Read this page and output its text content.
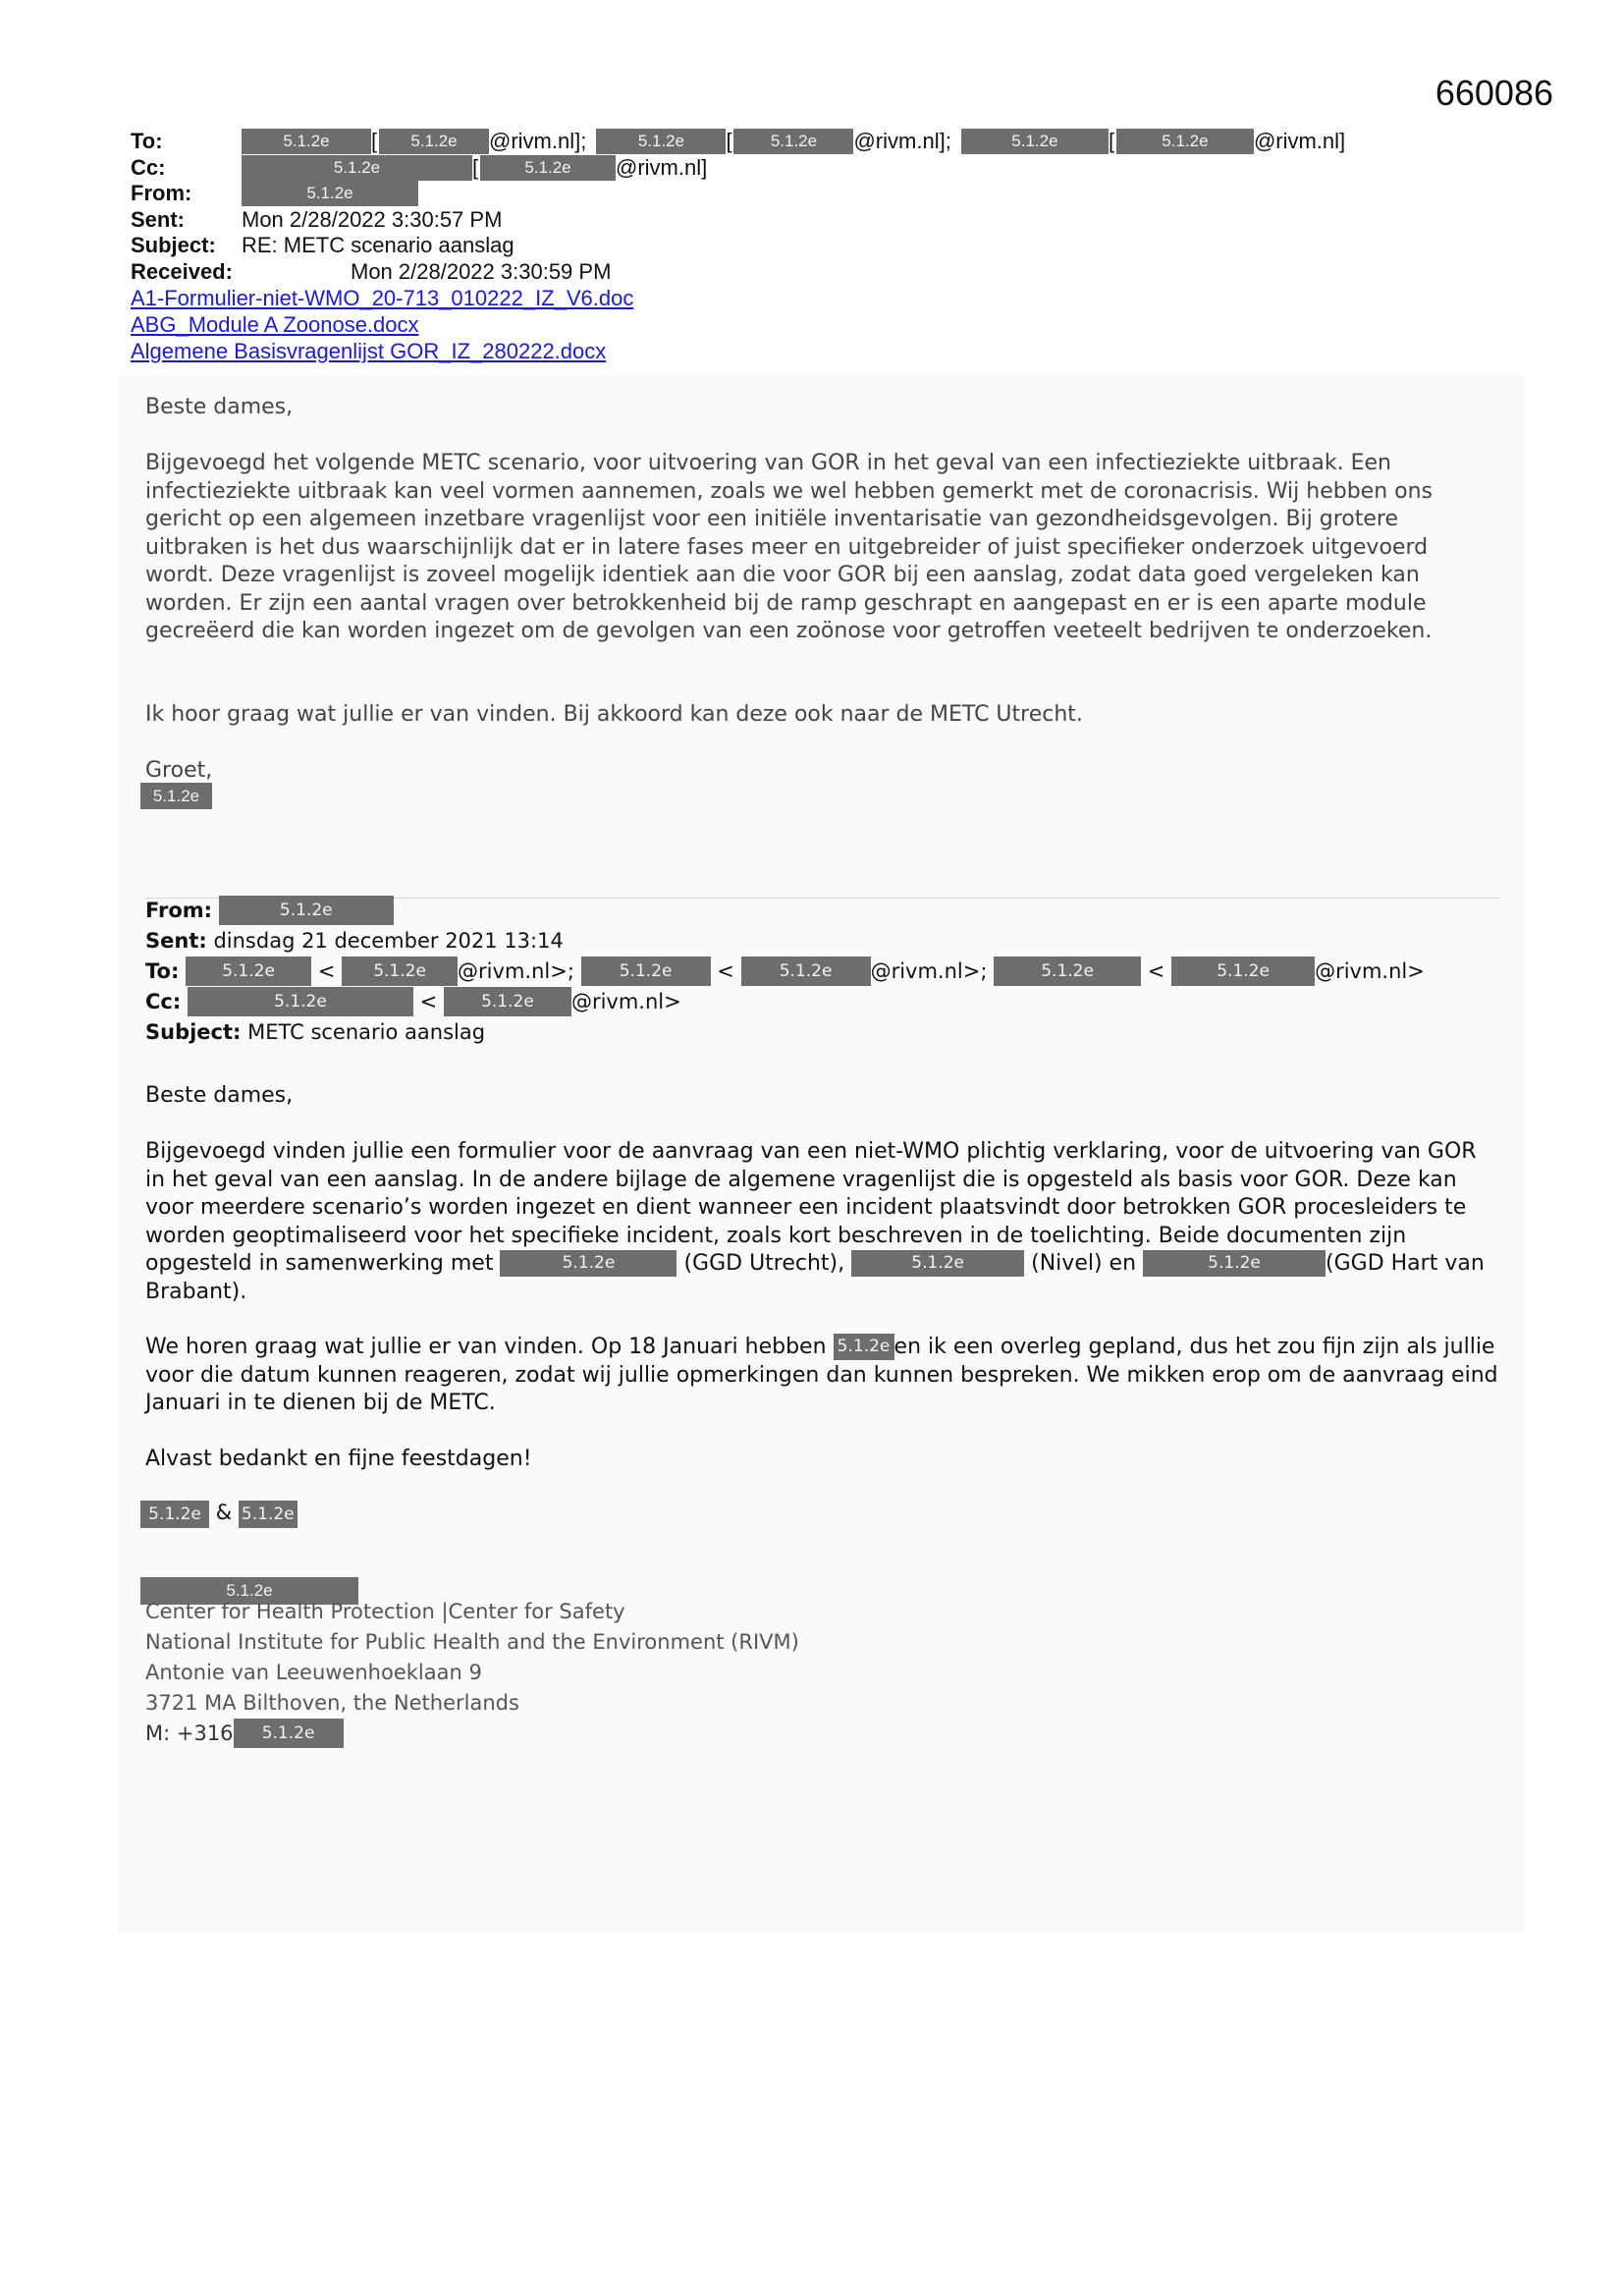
660086
To:	5.1.2e [ 5.1.2e @rivm.nl];	5.1.2e [ 5.1.2e @rivm.nl];	5.1.2e [	5.1.2e @rivm.nl]
Cc:	5.1.2e	[	5.1.2e @rivm.nl]
From:	5.1.2e
Sent:	Mon 2/28/2022 3:30:57 PM
Subject: RE: METC scenario aanslag
Received:	Mon 2/28/2022 3:30:59 PM
A1-Formulier-niet-WMO_20-713_010222_IZ_V6.doc
ABG_Module A Zoonose.docx
Algemene Basisvragenlijst GOR_IZ_280222.docx
Beste dames,
Bijgevoegd het volgende METC scenario, voor uitvoering van GOR in het geval van een infectieziekte uitbraak. Een infectieziekte uitbraak kan veel vormen aannemen, zoals we wel hebben gemerkt met de coronacrisis. Wij hebben ons gericht op een algemeen inzetbare vragenlijst voor een initiële inventarisatie van gezondheidsgevolgen. Bij grotere uitbraken is het dus waarschijnlijk dat er in latere fases meer en uitgebreider of juist specifieker onderzoek uitgevoerd wordt. Deze vragenlijst is zoveel mogelijk identiek aan die voor GOR bij een aanslag, zodat data goed vergeleken kan worden. Er zijn een aantal vragen over betrokkenheid bij de ramp geschrapt en aangepast en er is een aparte module gecreëerd die kan worden ingezet om de gevolgen van een zoönose voor getroffen veeteelt bedrijven te onderzoeken.
Ik hoor graag wat jullie er van vinden. Bij akkoord kan deze ook naar de METC Utrecht.
Groet,
5.1.2e
From:	5.1.2e
Sent: dinsdag 21 december 2021 13:14
To:	5.1.2e < 5.1.2e @rivm.nl>;	5.1.2e <	5.1.2e @rivm.nl>;	5.1.2e	<	5.1.2e @rivm.nl>
Cc:	5.1.2e	<	5.1.2e @rivm.nl>
Subject: METC scenario aanslag
Beste dames,
Bijgevoegd vinden jullie een formulier voor de aanvraag van een niet-WMO plichtig verklaring, voor de uitvoering van GOR in het geval van een aanslag. In de andere bijlage de algemene vragenlijst die is opgesteld als basis voor GOR. Deze kan voor meerdere scenario’s worden ingezet en dient wanneer een incident plaatsvindt door betrokken GOR procesleiders te worden geoptimaliseerd voor het specifieke incident, zoals kort beschreven in de toelichting. Beide documenten zijn opgesteld in samenwerking met	5.1.2e	(GGD Utrecht),	5.1.2e	(Nivel) en	5.1.2e	(GGD Hart van Brabant).
We horen graag wat jullie er van vinden. Op 18 Januari hebben 5.1.2e en ik een overleg gepland, dus het zou fijn zijn als jullie voor die datum kunnen reageren, zodat wij jullie opmerkingen dan kunnen bespreken. We mikken erop om de aanvraag eind Januari in te dienen bij de METC.
Alvast bedankt en fijne feestdagen!
5.1.2e & 5.1.2e
5.1.2e
Center for Health Protection |Center for Safety
National Institute for Public Health and the Environment (RIVM)
Antonie van Leeuwenhoeklaan 9
3721 MA Bilthoven, the Netherlands
M: +316 5.1.2e
